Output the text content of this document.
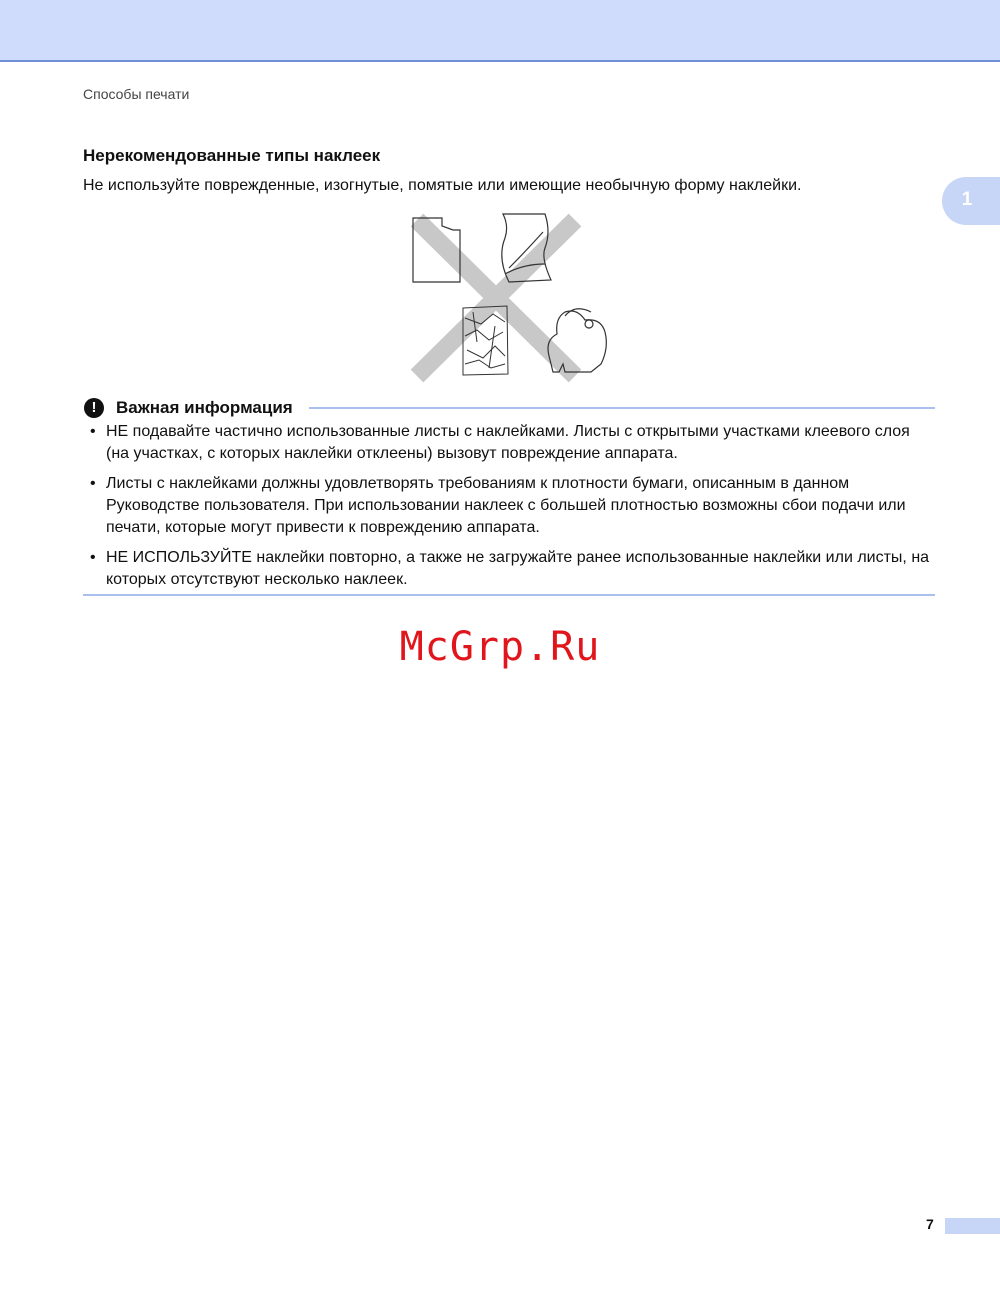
Способы печати
1
Нерекомендованные типы наклеек
Не используйте поврежденные, изогнутые, помятые или имеющие необычную форму наклейки.
!	Важная информация
• НЕ подавайте частично использованные листы с наклейками. Листы с открытыми участками клеевого слоя (на участках, с которых наклейки отклеены) вызовут повреждение аппарата.
• Листы с наклейками должны удовлетворять требованиям к плотности бумаги, описанным в данном Руководстве пользователя. При использовании наклеек с большей плотностью возможны сбои подачи или печати, которые могут привести к повреждению аппарата.
• НЕ ИСПОЛЬЗУЙТЕ наклейки повторно, а также не загружайте ранее использованные наклейки или листы, на которых отсутствуют несколько наклеек.
McGrp.Ru
7
